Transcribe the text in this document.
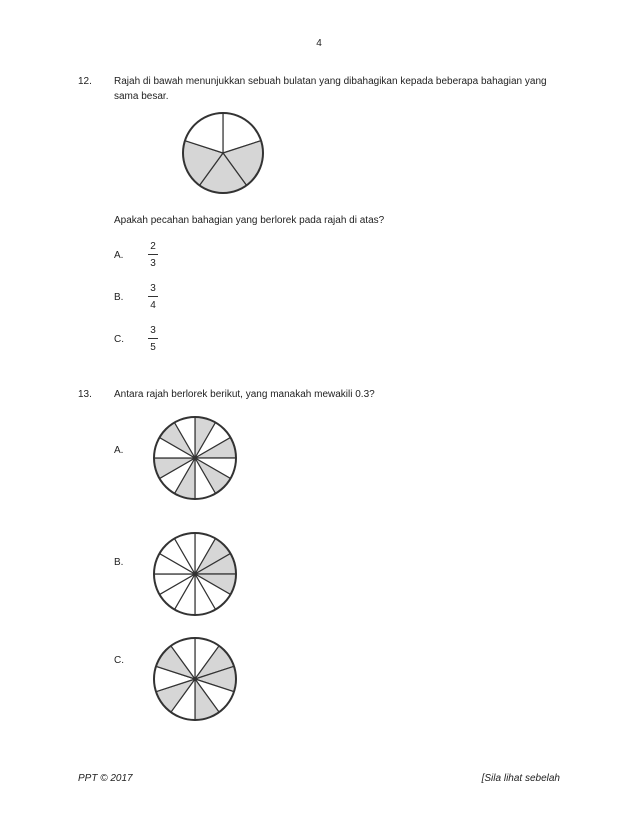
4
12. Rajah di bawah menunjukkan sebuah bulatan yang dibahagikan kepada beberapa bahagian yang
sama besar.
Apakah pecahan bahagian yang berlorek pada rajah di atas?
A.
2
3
B.
3
4
C.
3
5
13. Antara rajah berlorek berikut, yang manakah mewakili 0.3?
A.
B.
C.
PPT © 2017	[Sila lihat sebelah
